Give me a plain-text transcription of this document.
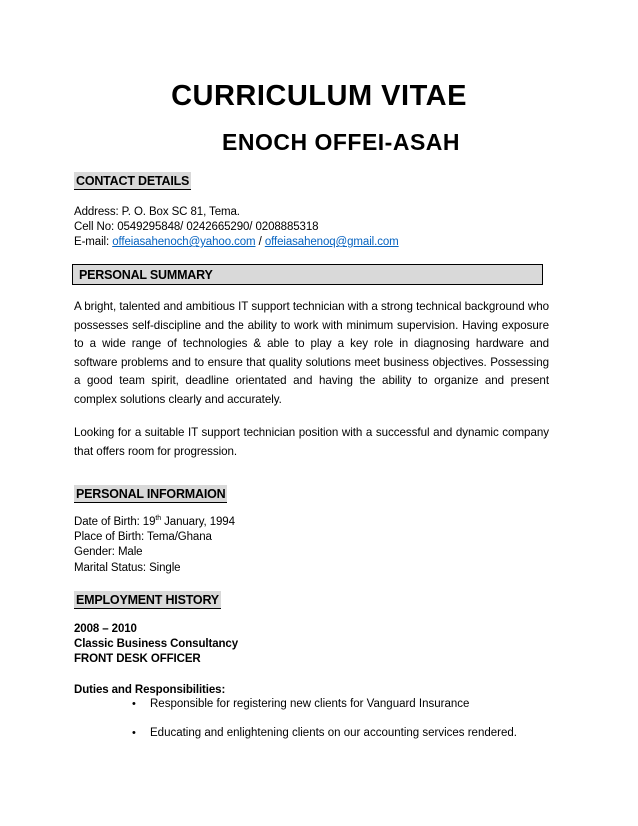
CURRICULUM VITAE
ENOCH OFFEI-ASAH
CONTACT DETAILS
Address: P. O. Box SC 81, Tema.
Cell No: 0549295848/ 0242665290/ 0208885318
E-mail: offeiasahenoch@yahoo.com / offeiasahenoq@gmail.com
PERSONAL SUMMARY
A bright, talented and ambitious IT support technician with a strong technical background who possesses self-discipline and the ability to work with minimum supervision. Having exposure to a wide range of technologies & able to play a key role in diagnosing hardware and software problems and to ensure that quality solutions meet business objectives. Possessing a good team spirit, deadline orientated and having the ability to organize and present complex solutions clearly and accurately.
Looking for a suitable IT support technician position with a successful and dynamic company that offers room for progression.
PERSONAL INFORMAION
Date of Birth: 19th January, 1994
Place of Birth: Tema/Ghana
Gender: Male
Marital Status: Single
EMPLOYMENT HISTORY
2008 – 2010
Classic Business Consultancy
FRONT DESK OFFICER
Duties and Responsibilities:
• Responsible for registering new clients for Vanguard Insurance
• Educating and enlightening clients on our accounting services rendered.
